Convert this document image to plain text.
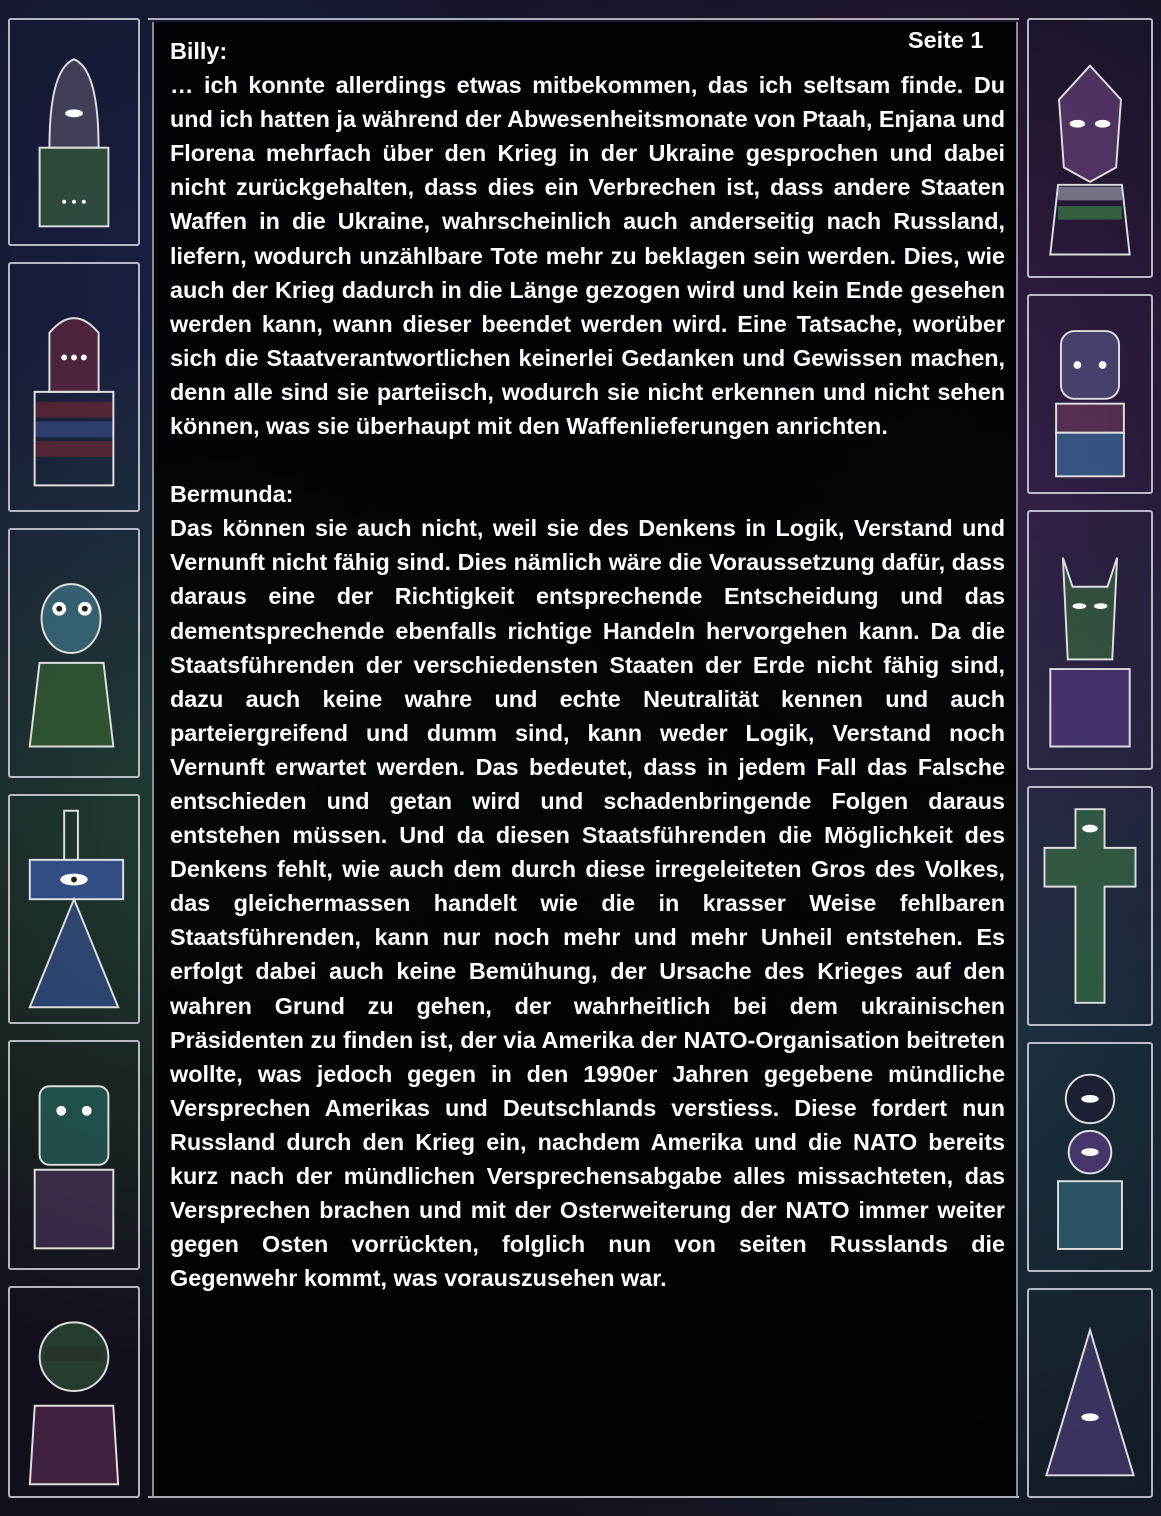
Seite 1
Billy:

… ich konnte allerdings etwas mitbekommen, das ich seltsam finde. Du und ich hatten ja während der Abwesenheitsmonate von Ptaah, Enjana und Florena mehrfach über den Krieg in der Ukraine gesprochen und dabei nicht zurückgehalten, dass dies ein Verbrechen ist, dass andere Staaten Waffen in die Ukraine, wahrscheinlich auch anderseitig nach Russland, liefern, wodurch unzählbare Tote mehr zu beklagen sein werden. Dies, wie auch der Krieg dadurch in die Länge gezogen wird und kein Ende gesehen werden kann, wann dieser beendet werden wird. Eine Tatsache, worüber sich die Staatverantwortlichen keinerlei Gedanken und Gewissen machen, denn alle sind sie parteiisch, wodurch sie nicht erkennen und nicht sehen können, was sie überhaupt mit den Waffenlieferungen anrichten.

Bermunda:

Das können sie auch nicht, weil sie des Denkens in Logik, Verstand und Vernunft nicht fähig sind. Dies nämlich wäre die Voraussetzung dafür, dass daraus eine der Richtigkeit entsprechende Entscheidung und das dementsprechende ebenfalls richtige Handeln hervorgehen kann. Da die Staatsführenden der verschiedensten Staaten der Erde nicht fähig sind, dazu auch keine wahre und echte Neutralität kennen und auch parteiergreifend und dumm sind, kann weder Logik, Verstand noch Vernunft erwartet werden. Das bedeutet, dass in jedem Fall das Falsche entschieden und getan wird und schadenbringende Folgen daraus entstehen müssen. Und da diesen Staatsführenden die Möglichkeit des Denkens fehlt, wie auch dem durch diese irregeleiteten Gros des Volkes, das gleichermassen handelt wie die in krasser Weise fehlbaren Staatsführenden, kann nur noch mehr und mehr Unheil entstehen. Es erfolgt dabei auch keine Bemühung, der Ursache des Krieges auf den wahren Grund zu gehen, der wahrheitlich bei dem ukrainischen Präsidenten zu finden ist, der via Amerika der NATO-Organisation beitreten wollte, was jedoch gegen in den 1990er Jahren gegebene mündliche Versprechen Amerikas und Deutschlands verstiess. Diese fordert nun Russland durch den Krieg ein, nachdem Amerika und die NATO bereits kurz nach der mündlichen Versprechensabgabe alles missachteten, das Versprechen brachen und mit der Osterweiterung der NATO immer weiter gegen Osten vorrückten, folglich nun von seiten Russlands die Gegenwehr kommt, was vorauszusehen war.
